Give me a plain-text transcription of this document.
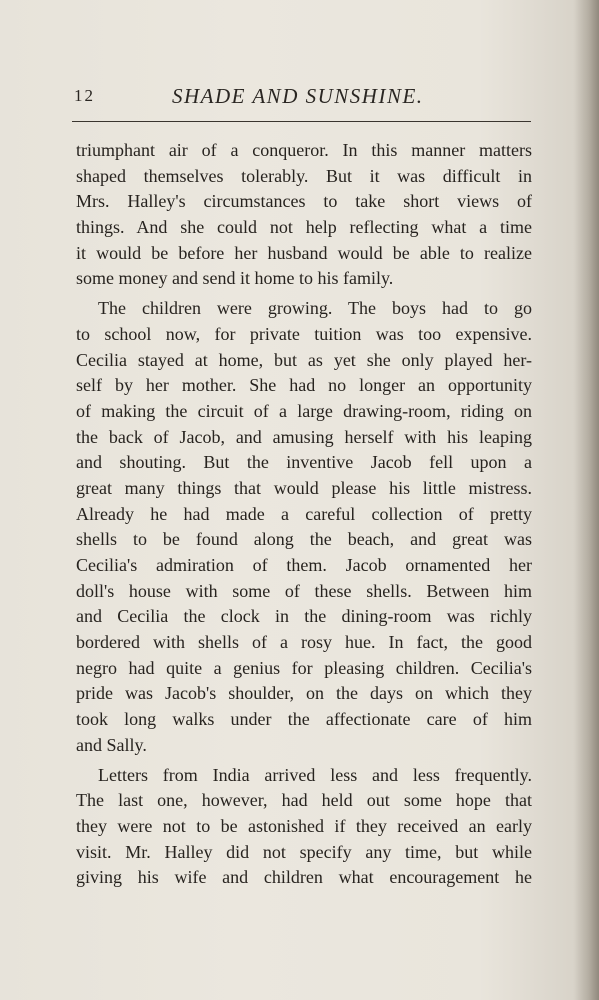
12	SHADE AND SUNSHINE.
triumphant air of a conqueror. In this manner matters
shaped themselves tolerably. But it was difficult in
Mrs. Halley's circumstances to take short views of
things. And she could not help reflecting what a time
it would be before her husband would be able to realize
some money and send it home to his family.
The children were growing. The boys had to go
to school now, for private tuition was too expensive.
Cecilia stayed at home, but as yet she only played her-
self by her mother. She had no longer an opportunity
of making the circuit of a large drawing-room, riding on
the back of Jacob, and amusing herself with his leaping
and shouting. But the inventive Jacob fell upon a
great many things that would please his little mistress.
Already he had made a careful collection of pretty
shells to be found along the beach, and great was
Cecilia's admiration of them. Jacob ornamented her
doll's house with some of these shells. Between him
and Cecilia the clock in the dining-room was richly
bordered with shells of a rosy hue. In fact, the good
negro had quite a genius for pleasing children. Cecilia's
pride was Jacob's shoulder, on the days on which they
took long walks under the affectionate care of him
and Sally.
Letters from India arrived less and less frequently.
The last one, however, had held out some hope that
they were not to be astonished if they received an early
visit. Mr. Halley did not specify any time, but while
giving his wife and children what encouragement he
